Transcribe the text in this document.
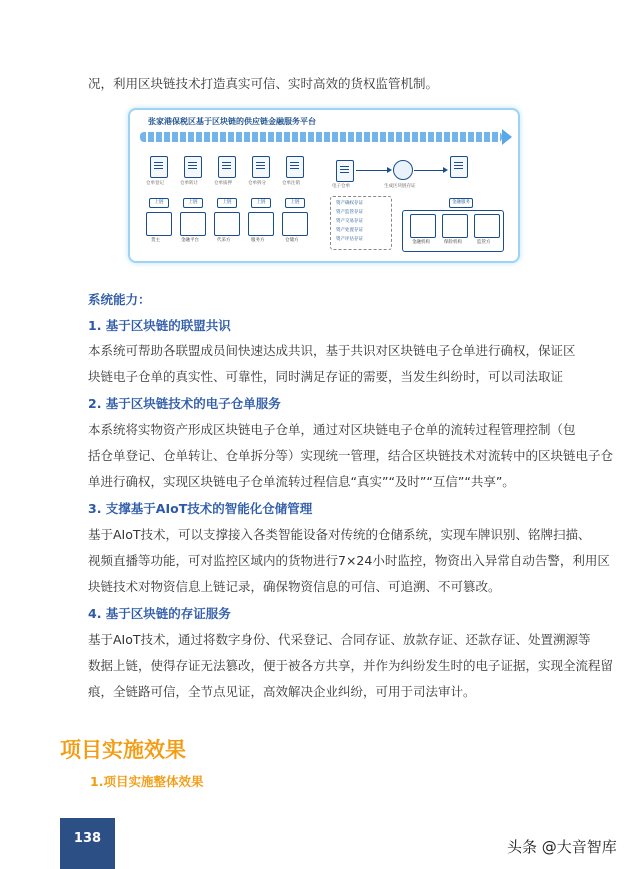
况，利用区块链技术打造真实可信、实时高效的货权监管机制。
张家港保税区基于区块链的供应链金融服务平台
仓单登记	仓单转让	仓单质押	仓单拆分	仓单注销
上链	上链	上链	上链	上链
货主	金融平台	代采方	服务方	仓储方
电子仓单	生成区块链存证
资产确权存证
资产监管存证
资产交易存证
资产处置存证
资产评估存证
金融服务
金融机构	保险机构	监管方
系统能力：
1. 基于区块链的联盟共识
本系统可帮助各联盟成员间快速达成共识，基于共识对区块链电子仓单进行确权，保证区
块链电子仓单的真实性、可靠性，同时满足存证的需要，当发生纠纷时，可以司法取证
2. 基于区块链技术的电子仓单服务
本系统将实物资产形成区块链电子仓单，通过对区块链电子仓单的流转过程管理控制（包
括仓单登记、仓单转让、仓单拆分等）实现统一管理，结合区块链技术对流转中的区块链电子仓
单进行确权，实现区块链电子仓单流转过程信息“真实”“及时”“互信”“共享”。
3. 支撑基于AIoT技术的智能化仓储管理
基于AIoT技术，可以支撑接入各类智能设备对传统的仓储系统，实现车牌识别、铭牌扫描、
视频直播等功能，可对监控区域内的货物进行7×24小时监控，物资出入异常自动告警，利用区
块链技术对物资信息上链记录，确保物资信息的可信、可追溯、不可篡改。
4. 基于区块链的存证服务
基于AIoT技术，通过将数字身份、代采登记、合同存证、放款存证、还款存证、处置溯源等
数据上链，使得存证无法篡改，便于被各方共享，并作为纠纷发生时的电子证据，实现全流程留
痕，全链路可信，全节点见证，高效解决企业纠纷，可用于司法审计。
项目实施效果
1.项目实施整体效果
138	头条 @大音智库
